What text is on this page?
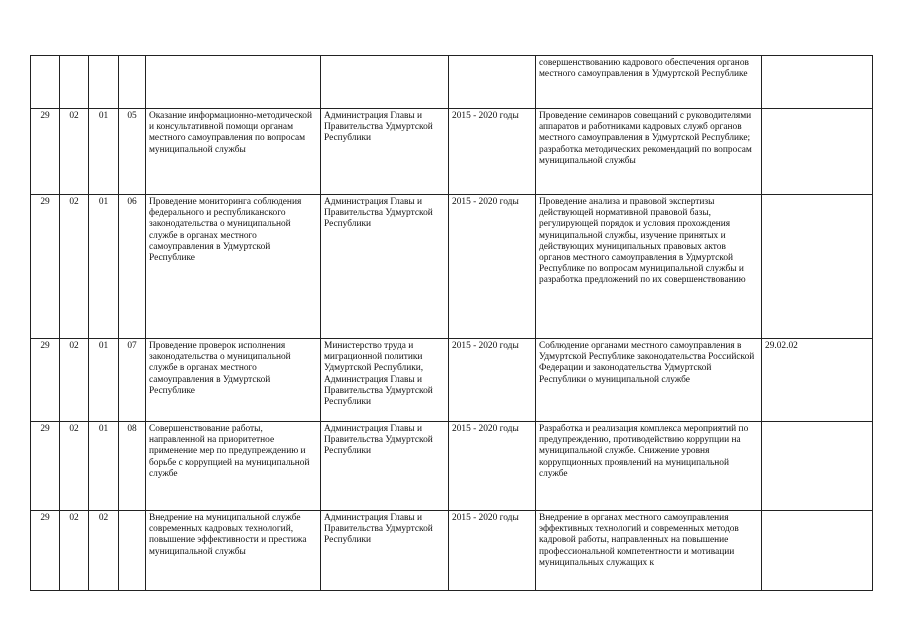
							совершенствованию кадрового обеспечения органов местного самоуправления в Удмуртской Республике	
29	02	01	05	Оказание информационно-методической и консультативной помощи органам местного самоуправления по вопросам муниципальной службы	Администрация Главы и Правительства Удмуртской Республики	2015 - 2020 годы	Проведение семинаров совещаний с руководителями аппаратов и работниками кадровых служб органов местного самоуправления в Удмуртской Республике; разработка методических рекомендаций по вопросам муниципальной службы	
29	02	01	06	Проведение мониторинга соблюдения федерального и республиканского законодательства о муниципальной службе в органах местного самоуправления в Удмуртской Республике	Администрация Главы и Правительства Удмуртской Республики	2015 - 2020 годы	Проведение анализа и правовой экспертизы действующей нормативной правовой базы, регулирующей порядок и условия прохождения муниципальной службы, изучение принятых и действующих муниципальных правовых актов органов местного самоуправления в Удмуртской Республике по вопросам муниципальной службы и разработка предложений по их совершенствованию	
29	02	01	07	Проведение проверок исполнения законодательства о муниципальной службе в органах местного самоуправления в Удмуртской Республике	Министерство труда и миграционной политики Удмуртской Республики, Администрация Главы и Правительства Удмуртской Республики	2015 - 2020 годы	Соблюдение органами местного самоуправления в Удмуртской Республике законодательства Российской Федерации и законодательства Удмуртской Республики о муниципальной службе	29.02.02
29	02	01	08	Совершенствование работы, направленной на приоритетное применение мер по предупреждению и борьбе с коррупцией на муниципальной службе	Администрация Главы и Правительства Удмуртской Республики	2015 - 2020 годы	Разработка и реализация комплекса мероприятий по предупреждению, противодействию коррупции на муниципальной службе. Снижение уровня коррупционных проявлений на муниципальной службе	
29	02	02		Внедрение на муниципальной службе современных кадровых технологий, повышение эффективности и престижа муниципальной службы	Администрация Главы и Правительства Удмуртской Республики	2015 - 2020 годы	Внедрение в органах местного самоуправления эффективных технологий и современных методов кадровой работы, направленных на повышение профессиональной компетентности и мотивации муниципальных служащих к	
